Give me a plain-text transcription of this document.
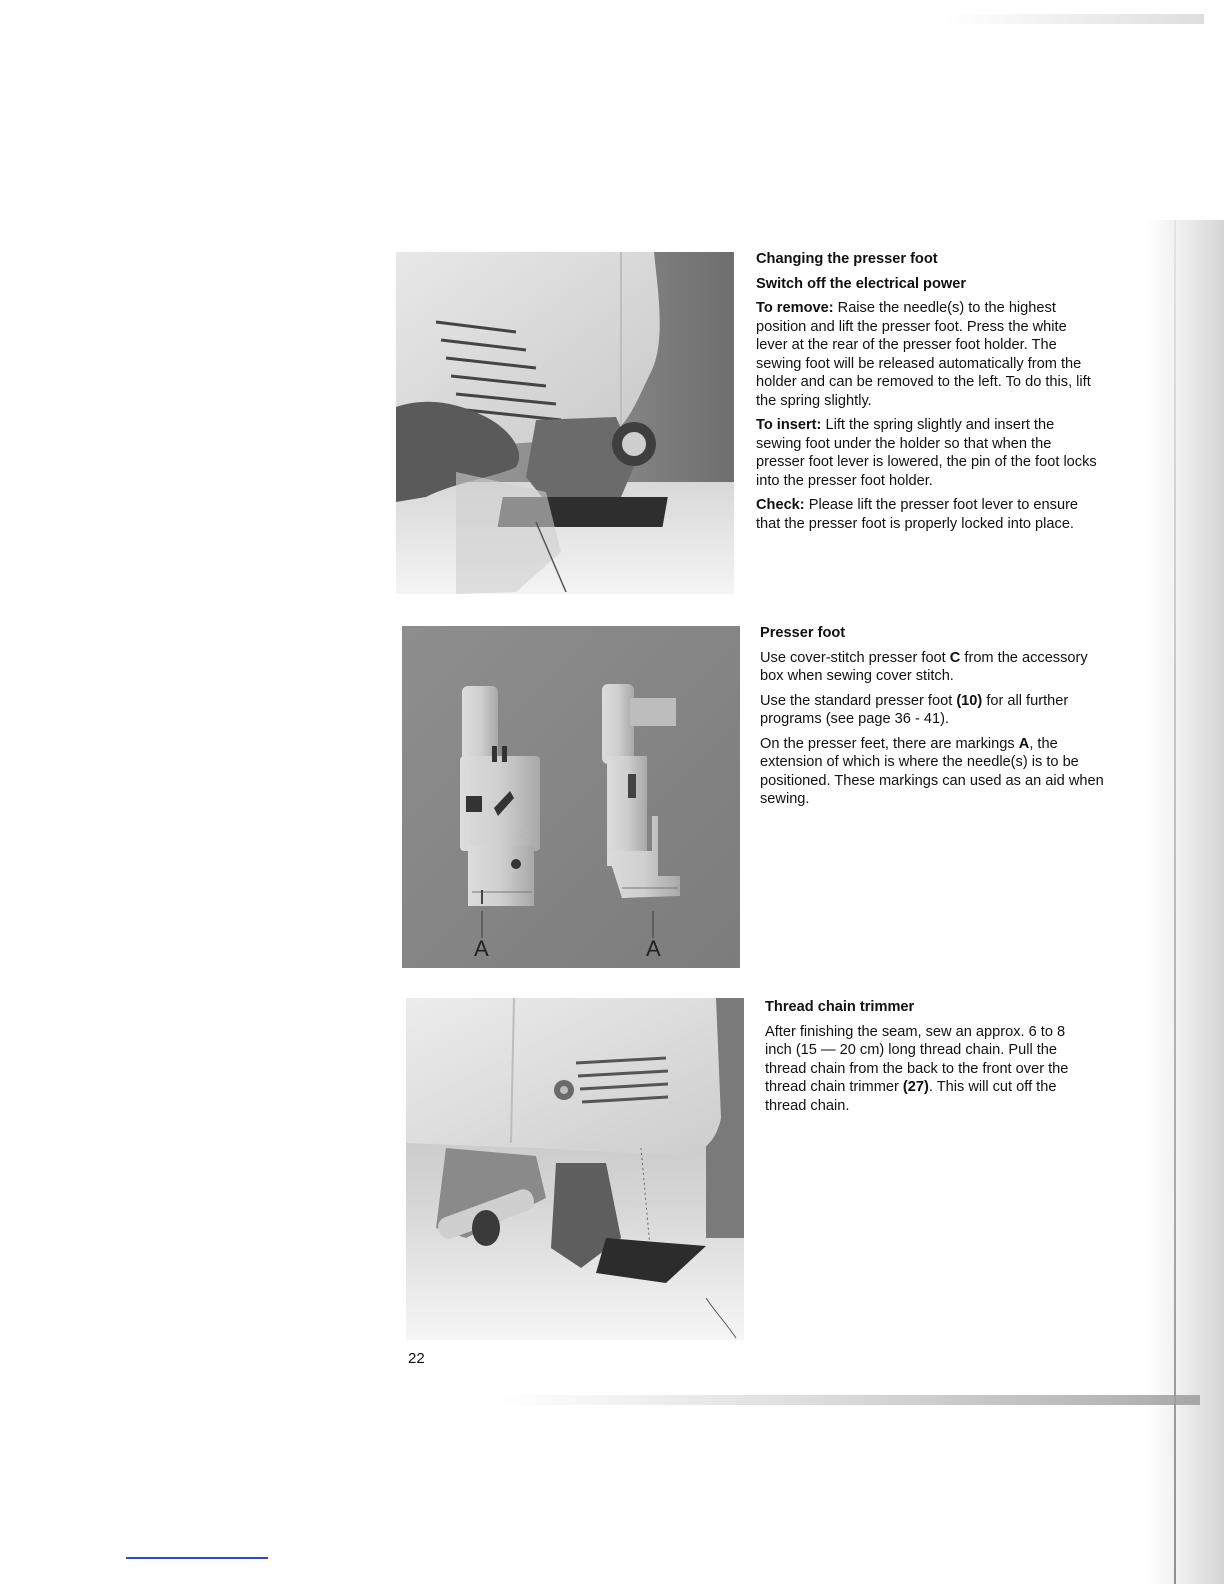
C
A	A
Changing the presser foot
Switch off the electrical power

To remove: Raise the needle(s) to the highest position and lift the presser foot. Press the white lever at the rear of the presser foot holder. The sewing foot will be released automatically from the holder and can be removed to the left. To do this, lift the spring slightly.

To insert: Lift the spring slightly and insert the sewing foot under the holder so that when the presser foot lever is lowered, the pin of the foot locks into the presser foot holder.

Check: Please lift the presser foot lever to ensure that the presser foot is properly locked into place.

Presser foot

Use cover-stitch presser foot C from the accessory box when sewing cover stitch.

Use the standard presser foot (10) for all further programs (see page 36 - 41).

On the presser feet, there are markings A, the extension of which is where the needle(s) is to be positioned. These markings can used as an aid when sewing.

Thread chain trimmer

After finishing the seam, sew an approx. 6 to 8 inch (15 — 20 cm) long thread chain. Pull the thread chain from the back to the front over the thread chain trimmer (27). This will cut off the thread chain.

22
